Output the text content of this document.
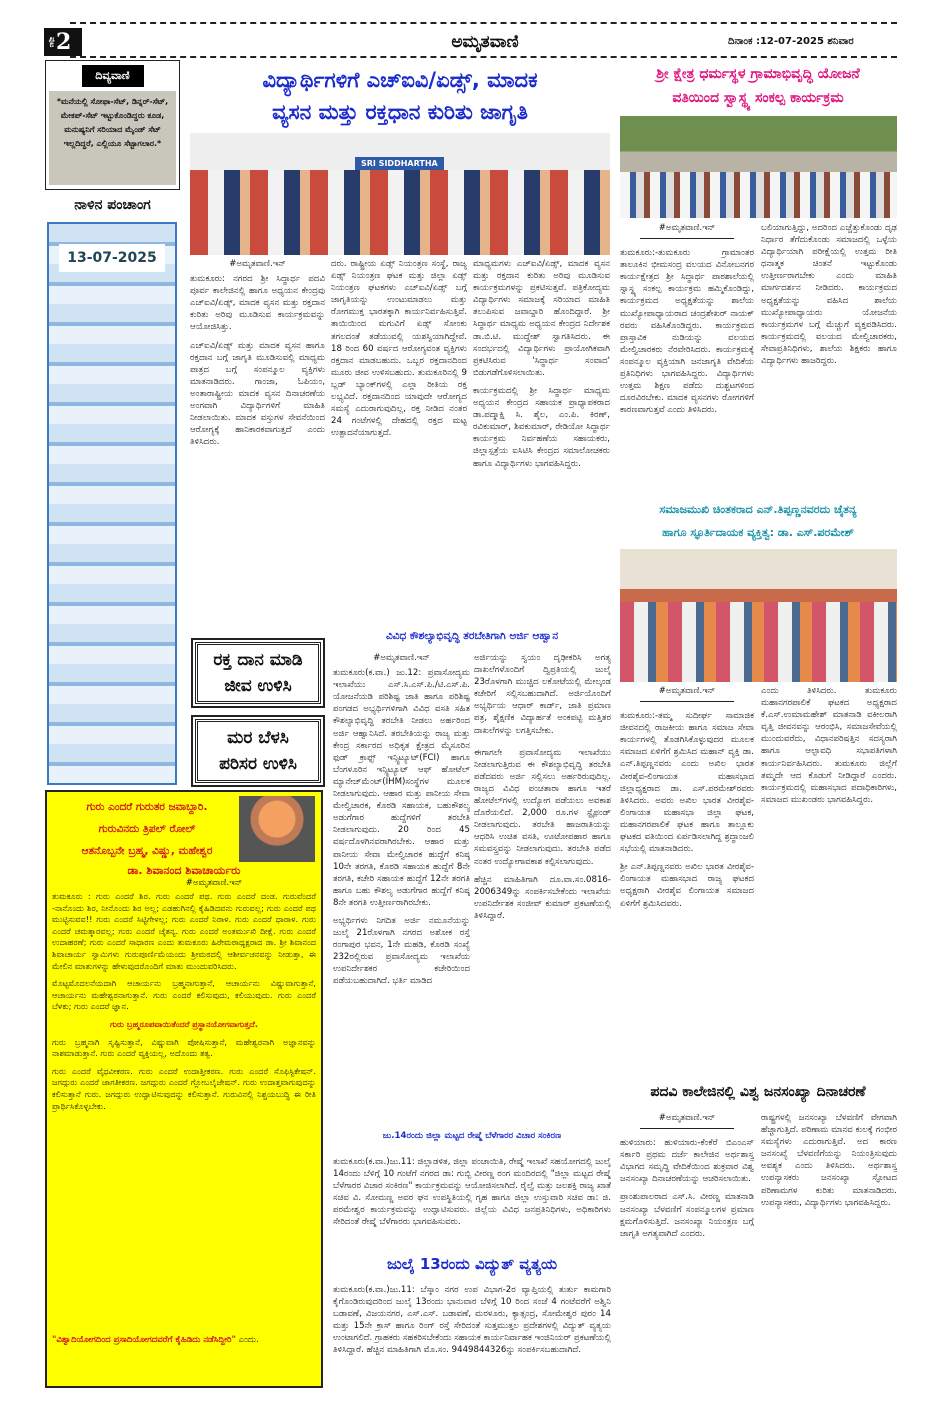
ಪುಟ 2	ಅಮೃತವಾಣಿ	ದಿನಾಂಕ :12-07-2025 ಶನಿವಾರ
ದಿವ್ಯವಾಣಿ
*ಮನೆಯಲ್ಲಿ ಸೋಫಾ-ಸೆಟ್, ಡಿನ್ನರ್-ಸೆಟ್, ಮೇಕಪ್-ಸೆಟ್ ಇಟ್ಟುಕೊಂಡಿದ್ದರು ಕೂಡ, ಮನುಷ್ಯನಿಗೆ ಸರಿಯಾದ ಮೈಂಡ್ ಸೆಟ್ ಇಲ್ಲದಿದ್ದರೆ, ಎಲ್ಲಿಯೂ ಸೆಟ್ಟಾಗಲಾರ.*
ನಾಳಿನ ಪಂಚಾಂಗ
13-07-2025
ಗುರು ಎಂದರೆ ಗುರುತರ ಜವಾಬ್ದಾರಿ.
ಗುರುವಿನದು ತ್ರಿಪಲ್ ರೋಲ್
ಆತನೊಬ್ಬನೇ ಬ್ರಹ್ಮ, ವಿಷ್ಣು, ಮಹೇಶ್ವರ
ಡಾ. ಶಿವಾನಂದ ಶಿವಾಚಾರ್ಯರು
#ಅಮೃತವಾಣಿ.ಇನ್

ತುಮಕೂರು : ಗುರು ಎಂದರೆ ಶಿರ. ಗುರು ಎಂದರೆ ಪಥ. ಗುರು ಎಂದರೆ ದಂಡ. ಗುರುವೆಂದರೆ -ನಾನೊಂದು ಶಿರ, ನೀನೊಂದು ಶಿರ ಅಲ್ಲ; ಎಡಹುಗಿನಲ್ಲಿ ಕೈಹಿಡಿದವನು ಗುರುವಲ್ಲ; ಗುರು ಎಂದರೆ ಪಥ ಮುಟ್ಟಿಸುವವ!! ಗುರು ಎಂದರೆ ಸಿಟ್ಟಿಗೇಳಲ್ಲ; ಗುರು ಎಂದರೆ ನಿರಾಳ. ಗುರು ಎಂದರೆ ಧಾರಾಳ. ಗುರು ಎಂದರೆ ಚಮತ್ಕಾರವಲ್ಲ; ಗುರು ಎಂದರೆ ಚೈತನ್ಯ. ಗುರು ಎಂದರೆ ಅಂತರ್ಮುಖಿ ದೀಕ್ಷೆ. ಗುರು ಎಂದರೆ ಉದಾಹರಣೆ; ಗುರು ಎಂದರೆ ಸಾಧಾರಣ ಎಂದು ತುಮಕೂರು ಹಿರೇಮಠಾಧ್ಯಕ್ಷರಾದ ಡಾ. ಶ್ರೀ ಶಿವಾನಂದ ಶಿವಾಚಾರ್ಯ ಸ್ವಾಮಿಗಳು ಗುರುಪೂರ್ಣಿಮೆಯಂದು ಶ್ರೀಮಠದಲ್ಲಿ ಆಶೀರ್ವಚನವನ್ನು ನೀಡುತ್ತಾ, ಈ ಮೇಲಿನ ಮಾತುಗಳನ್ನು ಹೇಳುವುದರೊಂದಿಗೆ ಮಾತು ಮುಂದುವರಿಸಿದರು.

ಮೊಟ್ಟಮೊದಲನೆಯದಾಗಿ ಆಚಾರ್ಯನು ಬ್ರಹ್ಮನಾಗುತ್ತಾನೆ, ಆಚಾರ್ಯನು ವಿಷ್ಣುವಾಗುತ್ತಾನೆ, ಆಚಾರ್ಯನು ಮಹೇಶ್ವರನಾಗುತ್ತಾನೆ. ಗುರು ಎಂದರೆ ಕಲಿಸುವುದು, ಕಲಿಯುವುದು. ಗುರು ಎಂದರೆ ಬೆಳಕು; ಗುರು ಎಂದರೆ ಜ್ಞಾನ.

ಗುರು ಬ್ರಹ್ಮರೂಪವಾಯಿತೆಂದರೆ ಪ್ರಸ್ಥಾನಯೋಗವಾಗುತ್ತದೆ.

ಗುರು ಬ್ರಹ್ಮನಾಗಿ ಸೃಷ್ಟಿಸುತ್ತಾನೆ, ವಿಷ್ಣುವಾಗಿ ಪೋಷಿಸುತ್ತಾನೆ, ಮಹೇಶ್ವರನಾಗಿ ಅಜ್ಞಾನವನ್ನು ನಾಶಮಾಡುತ್ತಾನೆ. ಗುರು ಎಂದರೆ ವ್ಯಕ್ತಿಯಲ್ಲ, ಅದೊಂದು ತತ್ವ.

ಗುರು ಎಂದರೆ ವೈಧವೀಕರಣ. ಗುರು ಎಂದರೆ ಉದಾತ್ತೀಕರಣ. ಗುರು ಎಂದರೆ ಸೊಫಿಸ್ಟಿಕೇಷನ್. ಜಗದ್ಗುರು ಎಂದರೆ ಜಾಗತೀಕರಣ. ಜಗದ್ಗುರು ಎಂದರೆ ಗ್ಲೋಬಲೈಜೇಷನ್. ಗುರು ಉದಾತ್ತವಾಗುವುದನ್ನು ಕಲಿಸುತ್ತಾನೆ ಗುರು. ಜಗದ್ಗುರು ಉದ್ಘಾಟಿಸುವುದನ್ನು ಕಲಿಸುತ್ತಾನೆ. ಗುರುವಿನಲ್ಲಿ ನಿಶ್ಚಯಬುದ್ಧಿ ಈ ರೀತಿ ಪ್ರಾರ್ಥಿಸಿಕೊಳ್ಳಬೇಕು.

"ವಿಶ್ವಾದಿಯೋಗದಿಂದ ಪ್ರಸಾದಿಯೋಗದವರೆಗೆ ಕೈಹಿಡಿದು ನಡೆಸಿದ್ದೀರಿ" ಎಂದು.
ವಿದ್ಯಾರ್ಥಿಗಳಿಗೆ ಎಚ್‌ಐವಿ/ಏಡ್ಸ್, ಮಾದಕ
ವ್ಯಸನ ಮತ್ತು ರಕ್ತಧಾನ ಕುರಿತು ಜಾಗೃತಿ
SRI SIDDHARTHA
#ಅಮೃತವಾಣಿ.ಇನ್

ತುಮಕೂರು: ನಗರದ ಶ್ರೀ ಸಿದ್ಧಾರ್ಥ ಪದವಿ ಪೂರ್ವ ಕಾಲೇಜಿನಲ್ಲಿ ಹಾಗೂ ಅಧ್ಯಯನ ಕೇಂದ್ರವು ಎಚ್‌ಐವಿ/ಏಡ್ಸ್, ಮಾದಕ ವ್ಯಸನ ಮತ್ತು ರಕ್ತದಾನ ಕುರಿತು ಅರಿವು ಮೂಡಿಸುವ ಕಾರ್ಯಕ್ರಮವನ್ನು ಆಯೋಜಿಸಿತ್ತು.

ಎಚ್‌ಐವಿ/ಏಡ್ಸ್ ಮತ್ತು ಮಾದಕ ವ್ಯಸನ ಹಾಗೂ ರಕ್ತದಾನ ಬಗ್ಗೆ ಜಾಗೃತಿ ಮೂಡಿಸುವಲ್ಲಿ ಮಾಧ್ಯಮ ಪಾತ್ರದ ಬಗ್ಗೆ ಸಂಪನ್ಮೂಲ ವ್ಯಕ್ತಿಗಳು ಮಾತನಾಡಿದರು. ಗಾಂಜಾ, ಓಪಿಯಂ, ಅಂತಾರಾಷ್ಟ್ರೀಯ ಮಾದಕ ವ್ಯಸನ ದಿನಾಚರಣೆಯ ಅಂಗವಾಗಿ ವಿದ್ಯಾರ್ಥಿಗಳಿಗೆ ಮಾಹಿತಿ ನೀಡಲಾಯಿತು. ಮಾದಕ ವಸ್ತುಗಳ ಸೇವನೆಯಿಂದ ಆರೋಗ್ಯಕ್ಕೆ ಹಾನಿಕಾರಕವಾಗುತ್ತದೆ ಎಂದು ತಿಳಿಸಿದರು.

ದರು. ರಾಷ್ಟ್ರೀಯ ಏಡ್ಸ್ ನಿಯಂತ್ರಣ ಸಂಸ್ಥೆ, ರಾಜ್ಯ ಏಡ್ಸ್ ನಿಯಂತ್ರಣ ಘಟಕ ಮತ್ತು ಜಿಲ್ಲಾ ಏಡ್ಸ್ ನಿಯಂತ್ರಣ ಘಟಕಗಳು ಎಚ್‌ಐವಿ/ಏಡ್ಸ್ ಬಗ್ಗೆ ಜಾಗೃತಿಯನ್ನು ಉಂಟುಮಾಡಲು ಮತ್ತು ರೋಗಮುಕ್ತ ಭಾರತಕ್ಕಾಗಿ ಕಾರ್ಯನಿರ್ವಹಿಸುತ್ತಿವೆ. ತಾಯಿಯಿಂದ ಮಗುವಿಗೆ ಏಡ್ಸ್ ಸೋಂಕು ತಗಲದಂತೆ ತಡೆಯುವಲ್ಲಿ ಯಶಸ್ವಿಯಾಗಿದ್ದೇವೆ. 18 ರಿಂದ 60 ವರ್ಷದ ಆರೋಗ್ಯವಂತ ವ್ಯಕ್ತಿಗಳು ರಕ್ತದಾನ ಮಾಡಬಹುದು. ಒಬ್ಬರ ರಕ್ತದಾನದಿಂದ ಮೂರು ಜೀವ ಉಳಿಸಬಹುದು. ತುಮಕೂರಿನಲ್ಲಿ 9 ಬ್ಲಡ್ ಬ್ಯಾಂಕ್‌ಗಳಲ್ಲಿ ಎಲ್ಲಾ ರೀತಿಯ ರಕ್ತ ಲಭ್ಯವಿದೆ. ರಕ್ತದಾನದಿಂದ ಯಾವುದೇ ಆರೋಗ್ಯದ ಸಮಸ್ಯೆ ಎದುರಾಗುವುದಿಲ್ಲ, ರಕ್ತ ನೀಡಿದ ನಂತರ 24 ಗಂಟೆಗಳಲ್ಲಿ ದೇಹದಲ್ಲಿ ರಕ್ತದ ಮಟ್ಟ ಉತ್ಪಾದನೆಯಾಗುತ್ತದೆ.

ಮಾಧ್ಯಮಗಳು ಎಚ್‌ಐವಿ/ಏಡ್ಸ್, ಮಾದಕ ವ್ಯಸನ ಮತ್ತು ರಕ್ತದಾನ ಕುರಿತು ಅರಿವು ಮೂಡಿಸುವ ಕಾರ್ಯಕ್ರಮಗಳನ್ನು ಪ್ರಕಟಿಸುತ್ತವೆ. ಪತ್ರಿಕೋದ್ಯಮ ವಿದ್ಯಾರ್ಥಿಗಳು ಸಮಾಜಕ್ಕೆ ಸರಿಯಾದ ಮಾಹಿತಿ ತಲುಪಿಸುವ ಜವಾಬ್ದಾರಿ ಹೊಂದಿದ್ದಾರೆ. ಶ್ರೀ ಸಿದ್ಧಾರ್ಥ ಮಾಧ್ಯಮ ಅಧ್ಯಯನ ಕೇಂದ್ರದ ನಿರ್ದೇಶಕ ಡಾ.ಬಿ.ಟಿ. ಮುದ್ದೇಶ್ ಸ್ವಾಗತಿಸಿದರು. ಈ ಸಂದರ್ಭದಲ್ಲಿ ವಿದ್ಯಾರ್ಥಿಗಳು ಪ್ರಾಯೋಗಿಕವಾಗಿ ಪ್ರಕಟಿಸಿರುವ 'ಸಿದ್ಧಾರ್ಥ ಸಂವಾದ' ಬಿಡುಗಡೆಗೊಳಿಸಲಾಯಿತು.

ಕಾರ್ಯಕ್ರಮದಲ್ಲಿ ಶ್ರೀ ಸಿದ್ಧಾರ್ಥ ಮಾಧ್ಯಮ ಅಧ್ಯಯನ ಕೇಂದ್ರದ ಸಹಾಯಕ ಪ್ರಾಧ್ಯಾಪಕರಾದ ಡಾ.ಪದ್ಮಾಕ್ಷಿ ಸಿ. ಶೈಲ, ಎಂ.ಪಿ. ಕಿರಣ್, ರವಿಕುಮಾರ್, ಶಿವಕುಮಾರ್, ರೇಡಿಯೋ ಸಿದ್ಧಾರ್ಥ ಕಾರ್ಯಕ್ರಮ ನಿರ್ವಹಣೆಯ ಸಹಾಯಕರು, ಜಿಲ್ಲಾಸ್ಪತ್ರೆಯ ಐಸಿಟಿಸಿ ಕೇಂದ್ರದ ಸಮಾಲೋಚಕರು ಹಾಗೂ ವಿದ್ಯಾರ್ಥಿಗಳು ಭಾಗವಹಿಸಿದ್ದರು.

ರಕ್ತ ದಾನ ಮಾಡಿ
ಜೀವ ಉಳಿಸಿ
ಮರ ಬೆಳಸಿ
ಪರಿಸರ ಉಳಿಸಿ
ವಿವಿಧ ಕೌಶಲ್ಯಾಭಿವೃದ್ಧಿ ತರಬೇತಿಗಾಗಿ ಅರ್ಜಿ ಆಹ್ವಾನ
#ಅಮೃತವಾಣಿ.ಇನ್

ತುಮಕೂರು(ಕ.ವಾ.) ಜು.12: ಪ್ರವಾಸೋದ್ಯಮ ಇಲಾಖೆಯು ಎಸ್.ಸಿ.ಎಸ್.ಪಿ./ಟಿ.ಎಸ್.ಪಿ. ಯೋಜನೆಯಡಿ ಪರಿಶಿಷ್ಟ ಜಾತಿ ಹಾಗೂ ಪರಿಶಿಷ್ಟ ಪಂಗಡದ ಅಭ್ಯರ್ಥಿಗಳಿಗಾಗಿ ವಿವಿಧ ವಸತಿ ಸಹಿತ ಕೌಶಲ್ಯಾಭಿವೃದ್ಧಿ ತರಬೇತಿ ನೀಡಲು ಅರ್ಹರಿಂದ ಅರ್ಜಿ ಆಹ್ವಾನಿಸಿದೆ. ತರಬೇತಿಯನ್ನು ರಾಜ್ಯ ಮತ್ತು ಕೇಂದ್ರ ಸರ್ಕಾರದ ಅಧಿಕೃತ ಕ್ಷೇತ್ರದ ಮೈಸೂರಿನ ಫುಡ್ ಕ್ರಾಫ್ಟ್ ಇನ್ಸ್ಟಿಟ್ಯೂಟ್(FCI) ಹಾಗೂ ಬೆಂಗಳೂರಿನ ಇನ್ಸ್ಟಿಟ್ಯೂಟ್ ಆಫ್ ಹೋಟೆಲ್ ಮ್ಯಾನೇಜ್‌ಮೆಂಟ್(IHM)ಸಂಸ್ಥೆಗಳ ಮೂಲಕ ನೀಡಲಾಗುವುದು. ಆಹಾರ ಮತ್ತು ಪಾನೀಯ ಸೇವಾ ಮೇಲ್ವಿಚಾರಕ, ಕೊಠಡಿ ಸಹಾಯಕ, ಬಹುಕೌಶಲ್ಯ ಅಡುಗೆಗಾರ ಹುದ್ದೆಗಳಿಗೆ ತರಬೇತಿ ನೀಡಲಾಗುವುದು. 20 ರಿಂದ 45 ವರ್ಷದೊಳಗಿನವರಾಗಿರಬೇಕು. ಆಹಾರ ಮತ್ತು ಪಾನೀಯ ಸೇವಾ ಮೇಲ್ವಿಚಾರಕ ಹುದ್ದೆಗೆ ಕನಿಷ್ಠ 10ನೇ ತರಗತಿ, ಕೊಠಡಿ ಸಹಾಯಕ ಹುದ್ದೆಗೆ 8ನೇ ತರಗತಿ, ಕಚೇರಿ ಸಹಾಯಕ ಹುದ್ದೆಗೆ 12ನೇ ತರಗತಿ ಹಾಗೂ ಬಹು ಕೌಶಲ್ಯ ಅಡುಗೆಗಾರ ಹುದ್ದೆಗೆ ಕನಿಷ್ಠ 8ನೇ ತರಗತಿ ಉತ್ತೀರ್ಣರಾಗಿರಬೇಕು.

ಅಭ್ಯರ್ಥಿಗಳು ನಿಗದಿತ ಅರ್ಜಿ ನಮೂನೆಯನ್ನು ಜುಲೈ 21ರೊಳಗಾಗಿ ನಗರದ ಅಶೋಕ ರಸ್ತೆ ರಂಗಾಪುರ ಭವನ, 1ನೇ ಮಹಡಿ, ಕೊಠಡಿ ಸಂಖ್ಯೆ 232ರಲ್ಲಿರುವ ಪ್ರವಾಸೋದ್ಯಮ ಇಲಾಖೆಯ ಉಪನಿರ್ದೇಶಕರ ಕಚೇರಿಯಿಂದ ಪಡೆಯಬಹುದಾಗಿದೆ. ಭರ್ತಿ ಮಾಡಿದ

ಅರ್ಜಿಯನ್ನು ಸ್ವಯಂ ದೃಢೀಕರಿಸಿ ಅಗತ್ಯ ದಾಖಲೆಗಳೊಂದಿಗೆ ದ್ವಿಪ್ರತಿಯಲ್ಲಿ ಜುಲೈ 23ರೊಳಗಾಗಿ ಮುಚ್ಚಿದ ಲಕೋಟೆಯಲ್ಲಿ ಮೇಲ್ಕಂಡ ಕಚೇರಿಗೆ ಸಲ್ಲಿಸಬಹುದಾಗಿದೆ. ಅರ್ಜಿಯೊಂದಿಗೆ ಅಭ್ಯರ್ಥಿಯ ಆಧಾರ್ ಕಾರ್ಡ್, ಜಾತಿ ಪ್ರಮಾಣ ಪತ್ರ, ಶೈಕ್ಷಣಿಕ ವಿದ್ಯಾರ್ಹತೆ ಅಂಕಪಟ್ಟಿ ಮತ್ತಿತರ ದಾಖಲೆಗಳನ್ನು ಲಗತ್ತಿಸಬೇಕು.

ಈಗಾಗಲೇ ಪ್ರವಾಸೋದ್ಯಮ ಇಲಾಖೆಯು ನೀಡಲಾಗುತ್ತಿರುವ ಈ ಕೌಶಲ್ಯಾಭಿವೃದ್ಧಿ ತರಬೇತಿ ಪಡೆದವರು ಅರ್ಜಿ ಸಲ್ಲಿಸಲು ಅರ್ಹರಿರುವುದಿಲ್ಲ. ರಾಜ್ಯದ ವಿವಿಧ ಪಂಚತಾರಾ ಹಾಗೂ ಇತರೆ ಹೋಟೆಲ್‌ಗಳಲ್ಲಿ ಉದ್ಯೋಗ ಪಡೆಯಲು ಅವಕಾಶ ದೊರೆಯಲಿದೆ. 2,000 ರೂ.ಗಳ ಸ್ಟೈಫಂಡ್ ನೀಡಲಾಗುವುದು. ತರಬೇತಿ ಹಾಜರಾತಿಯನ್ನು ಆಧರಿಸಿ ಉಚಿತ ವಸತಿ, ಊಟೋಪಹಾರ ಹಾಗೂ ಸಮವಸ್ತ್ರವನ್ನು ನೀಡಲಾಗುವುದು. ತರಬೇತಿ ಪಡೆದ ನಂತರ ಉದ್ಯೋಗಾವಕಾಶ ಕಲ್ಪಿಸಲಾಗುವುದು.

ಹೆಚ್ಚಿನ ಮಾಹಿತಿಗಾಗಿ ದೂ.ವಾ.ಸಂ.0816-2006349ನ್ನು ಸಂಪರ್ಕಿಸಬೇಕೆಂದು ಇಲಾಖೆಯ ಉಪನಿರ್ದೇಶಕ ಸಂಜೀವ್ ಕುಮಾರ್ ಪ್ರಕಟಣೆಯಲ್ಲಿ ತಿಳಿಸಿದ್ದಾರೆ.

ಜು.14ರಂದು ಜಿಲ್ಲಾ ಮಟ್ಟದ ರೇಷ್ಮೆ ಬೆಳೆಗಾರರ ವಿಚಾರ ಸಂಕಿರಣ
ತುಮಕೂರು(ಕ.ವಾ.)ಜು.11: ಜಿಲ್ಲಾಡಳಿತ, ಜಿಲ್ಲಾ ಪಂಚಾಯಿತಿ, ರೇಷ್ಮೆ ಇಲಾಖೆ ಸಹಯೋಗದಲ್ಲಿ ಜುಲೈ 14ರಂದು ಬೆಳಿಗ್ಗೆ 10 ಗಂಟೆಗೆ ನಗರದ ಡಾ: ಗುಬ್ಬಿ ವೀರಣ್ಣ ರಂಗ ಮಂದಿರದಲ್ಲಿ "ಜಿಲ್ಲಾ ಮಟ್ಟದ ರೇಷ್ಮೆ ಬೆಳೆಗಾರರ ವಿಚಾರ ಸಂಕಿರಣ" ಕಾರ್ಯಕ್ರಮವನ್ನು ಆಯೋಜಿಸಲಾಗಿದೆ. ರೈಲ್ವೆ ಮತ್ತು ಜಲಶಕ್ತಿ ರಾಜ್ಯ ಖಾತೆ ಸಚಿವ ವಿ. ಸೋಮಣ್ಣ ಅವರ ಘನ ಉಪಸ್ಥಿತಿಯಲ್ಲಿ ಗೃಹ ಹಾಗೂ ಜಿಲ್ಲಾ ಉಸ್ತುವಾರಿ ಸಚಿವ ಡಾ: ಜಿ. ಪರಮೇಶ್ವರ ಕಾರ್ಯಕ್ರಮವನ್ನು ಉದ್ಘಾಟಿಸುವರು. ಜಿಲ್ಲೆಯ ವಿವಿಧ ಜನಪ್ರತಿನಿಧಿಗಳು, ಅಧಿಕಾರಿಗಳು ಸೇರಿದಂತೆ ರೇಷ್ಮೆ ಬೆಳೆಗಾರರು ಭಾಗವಹಿಸುವರು.
ಜುಲೈ 13ರಂದು ವಿದ್ಯುತ್ ವ್ಯತ್ಯಯ
ತುಮಕೂರು(ಕ.ವಾ.)ಜು.11: ಬೆಸ್ಕಾಂ ನಗರ ಉಪ ವಿಭಾಗ-2ರ ವ್ಯಾಪ್ತಿಯಲ್ಲಿ ತುರ್ತು ಕಾಮಗಾರಿ ಕೈಗೊಂಡಿರುವುದರಿಂದ ಜುಲೈ 13ರಂದು ಭಾನುವಾರ ಬೆಳಿಗ್ಗೆ 10 ರಿಂದ ಸಂಜೆ 4 ಗಂಟೆವರೆಗೆ ಅಶ್ವಿನಿ ಬಡಾವಣೆ, ವಿಜಯನಗರ, ಎಸ್.ಎಸ್. ಬಡಾವಣೆ, ಮರಳೂರು, ಕ್ಯಾತ್ಸಂದ್ರ, ಸೋಮೇಶ್ವರ ಪುರಂ 14 ಮತ್ತು 15ನೇ ಕ್ರಾಸ್ ಹಾಗೂ ರಿಂಗ್ ರಸ್ತೆ ಸೇರಿದಂತೆ ಸುತ್ತಮುತ್ತಲ ಪ್ರದೇಶಗಳಲ್ಲಿ ವಿದ್ಯುತ್ ವ್ಯತ್ಯಯ ಉಂಟಾಗಲಿದೆ. ಗ್ರಾಹಕರು ಸಹಕರಿಸಬೇಕೆಂದು ಸಹಾಯಕ ಕಾರ್ಯನಿರ್ವಾಹಕ ಇಂಜಿನಿಯರ್ ಪ್ರಕಟಣೆಯಲ್ಲಿ ತಿಳಿಸಿದ್ದಾರೆ. ಹೆಚ್ಚಿನ ಮಾಹಿತಿಗಾಗಿ ಮೊ.ಸಂ. 9449844326ನ್ನು ಸಂಪರ್ಕಿಸಬಹುದಾಗಿದೆ.
ಶ್ರೀ ಕ್ಷೇತ್ರ ಧರ್ಮಸ್ಥಳ ಗ್ರಾಮಾಭಿವೃದ್ಧಿ ಯೋಜನೆ
ವತಿಯಿಂದ ಸ್ವಾಸ್ಥ್ಯ ಸಂಕಲ್ಪ ಕಾರ್ಯಕ್ರಮ
#ಅಮೃತವಾಣಿ.ಇನ್

ತುಮಕೂರು:-ತುಮಕೂರು ಗ್ರಾಮಾಂತರ ತಾಲೂಕಿನ ಭೀಮಸಂದ್ರ ವಲಯದ ವಿನೋಬನಗರ ಕಾರ್ಯಕ್ಷೇತ್ರದ ಶ್ರೀ ಸಿದ್ಧಾರ್ಥ ಪಾಠಶಾಲೆಯಲ್ಲಿ ಸ್ವಾಸ್ಥ್ಯ ಸಂಕಲ್ಪ ಕಾರ್ಯಕ್ರಮ ಹಮ್ಮಿಕೊಂಡಿದ್ದು, ಕಾರ್ಯಕ್ರಮದ ಅಧ್ಯಕ್ಷತೆಯನ್ನು ಶಾಲೆಯ ಮುಖ್ಯೋಪಾಧ್ಯಾಯರಾದ ಚಂದ್ರಶೇಖರ್ ನಾಯಕ್ ರವರು ವಹಿಸಿಕೊಂಡಿದ್ದರು. ಕಾರ್ಯಕ್ರಮದ ಪ್ರಾಸ್ತಾವಿಕ ನುಡಿಯನ್ನು ವಲಯದ ಮೇಲ್ವಿಚಾರಕರು ನೆರವೇರಿಸಿದರು. ಕಾರ್ಯಕ್ರಮಕ್ಕೆ ಸಂಪನ್ಮೂಲ ವ್ಯಕ್ತಿಯಾಗಿ ಜನಜಾಗೃತಿ ವೇದಿಕೆಯ ಪ್ರತಿನಿಧಿಗಳು ಭಾಗವಹಿಸಿದ್ದರು. ವಿದ್ಯಾರ್ಥಿಗಳು ಉತ್ತಮ ಶಿಕ್ಷಣ ಪಡೆದು ದುಶ್ಚಟಗಳಿಂದ ದೂರವಿರಬೇಕು. ಮಾದಕ ವ್ಯಸನಗಳು ರೋಗಗಳಿಗೆ ಕಾರಣವಾಗುತ್ತವೆ ಎಂದು ತಿಳಿಸಿದರು.

ಬಲಿಯಾಗುತ್ತಿದ್ದು, ಅದರಿಂದ ಎಚ್ಚೆತ್ತುಕೊಂಡು ದೃಢ ನಿರ್ಧಾರ ತೆಗೆದುಕೊಂಡು ಸಮಾಜದಲ್ಲಿ ಒಳ್ಳೆಯ ವಿದ್ಯಾರ್ಥಿಯಾಗಿ ಪರೀಕ್ಷೆಯಲ್ಲಿ ಉತ್ತಮ ರೀತಿ ಧನಾತ್ಮಕ ಚಿಂತನೆ ಇಟ್ಟುಕೊಂಡು ಉತ್ತೀರ್ಣರಾಗಬೇಕು ಎಂದು ಮಾಹಿತಿ ಮಾರ್ಗದರ್ಶನ ನೀಡಿದರು. ಕಾರ್ಯಕ್ರಮದ ಅಧ್ಯಕ್ಷತೆಯನ್ನು ವಹಿಸಿದ ಶಾಲೆಯ ಮುಖ್ಯೋಪಾಧ್ಯಾಯರು ಯೋಜನೆಯ ಕಾರ್ಯಕ್ರಮಗಳ ಬಗ್ಗೆ ಮೆಚ್ಚುಗೆ ವ್ಯಕ್ತಪಡಿಸಿದರು. ಕಾರ್ಯಕ್ರಮದಲ್ಲಿ ವಲಯದ ಮೇಲ್ವಿಚಾರಕರು, ಸೇವಾಪ್ರತಿನಿಧಿಗಳು, ಶಾಲೆಯ ಶಿಕ್ಷಕರು ಹಾಗೂ ವಿದ್ಯಾರ್ಥಿಗಳು ಹಾಜರಿದ್ದರು.

ಸಮಾಜಮುಖಿ ಚಿಂತಕರಾದ ಎನ್.ತಿಪ್ಪಣ್ಣನವರದು ಚೈತನ್ಯ
ಹಾಗೂ ಸ್ಫೂರ್ತಿದಾಯಕ ವ್ಯಕ್ತಿತ್ವ: ಡಾ. ಎಸ್.ಪರಮೇಶ್
#ಅಮೃತವಾಣಿ.ಇನ್

ತುಮಕೂರು:-ತಮ್ಮ ಸುದೀರ್ಘ ಸಾಮಾಜಿಕ ಜೀವನದಲ್ಲಿ ರಾಜಕೀಯ ಹಾಗೂ ಸಮಾಜ ಸೇವಾ ಕಾರ್ಯಗಳಲ್ಲಿ ತೊಡಗಿಸಿಕೊಳ್ಳುವುದರ ಮೂಲಕ ಸಮಾಜದ ಏಳಿಗೆಗೆ ಶ್ರಮಿಸಿದ ಮಹಾನ್ ವ್ಯಕ್ತಿ ಡಾ. ಎನ್.ತಿಪ್ಪಣ್ಣನವರು ಎಂದು ಅಖಿಲ ಭಾರತ ವೀರಶೈವ-ಲಿಂಗಾಯತ ಮಹಾಸಭಾದ ಜಿಲ್ಲಾಧ್ಯಕ್ಷರಾದ ಡಾ. ಎಸ್.ಪರಮೇಶ್‌ರವರು ತಿಳಿಸಿದರು. ಅವರು ಅಖಿಲ ಭಾರತ ವೀರಶೈವ-ಲಿಂಗಾಯತ ಮಹಾಸಭಾ ಜಿಲ್ಲಾ ಘಟಕ, ಮಹಾನಗರಪಾಲಿಕೆ ಘಟಕ ಹಾಗೂ ತಾಲ್ಲೂಕು ಘಟಕದ ವತಿಯಿಂದ ಏರ್ಪಡಿಸಲಾಗಿದ್ದ ಶ್ರದ್ಧಾಂಜಲಿ ಸಭೆಯಲ್ಲಿ ಮಾತನಾಡಿದರು.

ಶ್ರೀ ಎನ್.ತಿಪ್ಪಣ್ಣನವರು ಅಖಿಲ ಭಾರತ ವೀರಶೈವ-ಲಿಂಗಾಯತ ಮಹಾಸಭಾದ ರಾಜ್ಯ ಘಟಕದ ಅಧ್ಯಕ್ಷರಾಗಿ ವೀರಶೈವ ಲಿಂಗಾಯತ ಸಮಾಜದ ಏಳಿಗೆಗೆ ಶ್ರಮಿಸಿದವರು.

ಎಂದು ತಿಳಿಸಿದರು. ತುಮಕೂರು ಮಹಾನಗರಪಾಲಿಕೆ ಘಟಕದ ಅಧ್ಯಕ್ಷರಾದ ಕೆ.ಎಸ್.ಉಮಾಮಹೇಶ್ ಮಾತನಾಡಿ ವಕೀಲರಾಗಿ ವೃತ್ತಿ ಜೀವನವನ್ನು ಆರಂಭಿಸಿ, ಸಮಾಜಸೇವೆಯಲ್ಲಿ ಮುಂದುವರೆದು, ವಿಧಾನಪರಿಷತ್ತಿನ ಸದಸ್ಯರಾಗಿ ಹಾಗೂ ಆಲ್ಪಾವಧಿ ಸಭಾಪತಿಗಳಾಗಿ ಕಾರ್ಯನಿರ್ವಹಿಸಿದರು. ತುಮಕೂರು ಜಿಲ್ಲೆಗೆ ತಮ್ಮದೇ ಆದ ಕೊಡುಗೆ ನೀಡಿದ್ದಾರೆ ಎಂದರು. ಕಾರ್ಯಕ್ರಮದಲ್ಲಿ ಮಹಾಸಭಾದ ಪದಾಧಿಕಾರಿಗಳು, ಸಮಾಜದ ಮುಖಂಡರು ಭಾಗವಹಿಸಿದ್ದರು.

ಪದವಿ ಕಾಲೇಜಿನಲ್ಲಿ ವಿಶ್ವ ಜನಸಂಖ್ಯಾ ದಿನಾಚರಣೆ
#ಅಮೃತವಾಣಿ.ಇನ್

ಹುಳಿಯಾರು: ಹುಳಿಯಾರು-ಕೆಂಕೆರೆ ಬಿಎಂಎಸ್ ಸರ್ಕಾರಿ ಪ್ರಥಮ ದರ್ಜೆ ಕಾಲೇಜಿನ ಅರ್ಥಶಾಸ್ತ್ರ ವಿಭಾಗದ ಸಮೃದ್ಧಿ ವೇದಿಕೆಯಿಂದ ಶುಕ್ರವಾರ ವಿಶ್ವ ಜನಸಂಖ್ಯಾ ದಿನಾಚರಣೆಯನ್ನು ಆಚರಿಸಲಾಯಿತು.

ಪ್ರಾಂಶುಪಾಲರಾದ ಎಸ್.ಸಿ. ವೀರಣ್ಣ ಮಾತನಾಡಿ ಜನಸಂಖ್ಯಾ ಬೆಳವಣಿಗೆ ಸಂಪನ್ಮೂಲಗಳ ಪ್ರಮಾಣ ಕ್ಷಮಗೊಳಿಸುತ್ತಿದೆ. ಜನಸಂಖ್ಯಾ ನಿಯಂತ್ರಣ ಬಗ್ಗೆ ಜಾಗೃತಿ ಅಗತ್ಯವಾಗಿದೆ ಎಂದರು.

ರಾಷ್ಟ್ರಗಳಲ್ಲಿ ಜನಸಂಖ್ಯಾ ಬೆಳವಣಿಗೆ ವೇಗವಾಗಿ ಹೆಚ್ಚಾಗುತ್ತಿದೆ. ಪರಿಣಾಮ ಮಾನವ ಕುಲಕ್ಕೆ ಗಂಭೀರ ಸಮಸ್ಯೆಗಳು ಎದುರಾಗುತ್ತಿವೆ. ಅದ ಕಾರಣ ಜನಸಂಖ್ಯೆ ಬೆಳವಣಿಗೆಯನ್ನು ನಿಯಂತ್ರಿಸುವುದು ಅವಶ್ಯಕ ಎಂದು ತಿಳಿಸಿದರು. ಅರ್ಥಶಾಸ್ತ್ರ ಉಪನ್ಯಾಸಕರು ಜನಸಂಖ್ಯಾ ಸ್ಫೋಟದ ಪರಿಣಾಮಗಳ ಕುರಿತು ಮಾತನಾಡಿದರು. ಉಪನ್ಯಾಸಕರು, ವಿದ್ಯಾರ್ಥಿಗಳು ಭಾಗವಹಿಸಿದ್ದರು.
